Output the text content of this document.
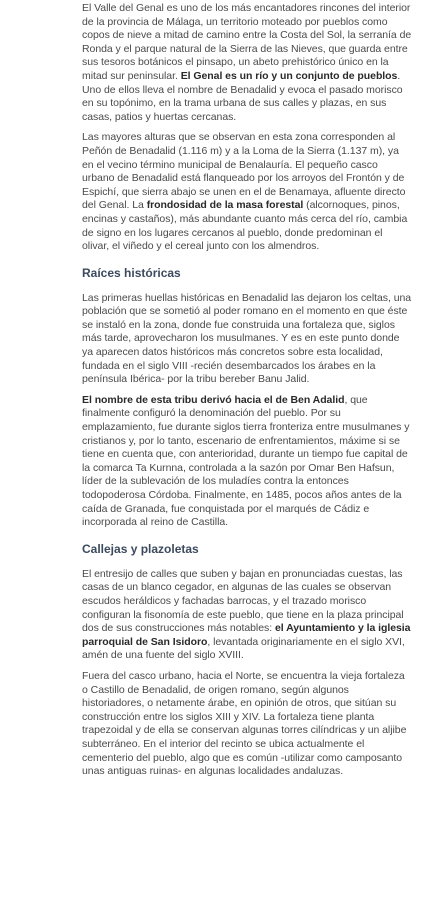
El Valle del Genal es uno de los más encantadores rincones del interior de la provincia de Málaga, un territorio moteado por pueblos como copos de nieve a mitad de camino entre la Costa del Sol, la serranía de Ronda y el parque natural de la Sierra de las Nieves, que guarda entre sus tesoros botánicos el pinsapo, un abeto prehistórico único en la mitad sur peninsular. El Genal es un río y un conjunto de pueblos. Uno de ellos lleva el nombre de Benadalid y evoca el pasado morisco en su topónimo, en la trama urbana de sus calles y plazas, en sus casas, patios y huertas cercanas.

Las mayores alturas que se observan en esta zona corresponden al Peñón de Benadalid (1.116 m) y a la Loma de la Sierra (1.137 m), ya en el vecino término municipal de Benalauría. El pequeño casco urbano de Benadalid está flanqueado por los arroyos del Frontón y de Espichí, que sierra abajo se unen en el de Benamaya, afluente directo del Genal. La frondosidad de la masa forestal (alcornoques, pinos, encinas y castaños), más abundante cuanto más cerca del río, cambia de signo en los lugares cercanos al pueblo, donde predominan el olivar, el viñedo y el cereal junto con los almendros.

Raíces históricas

Las primeras huellas históricas en Benadalid las dejaron los celtas, una población que se sometió al poder romano en el momento en que éste se instaló en la zona, donde fue construida una fortaleza que, siglos más tarde, aprovecharon los musulmanes. Y es en este punto donde ya aparecen datos históricos más concretos sobre esta localidad, fundada en el siglo VIII -recién desembarcados los árabes en la península Ibérica- por la tribu bereber Banu Jalid.

El nombre de esta tribu derivó hacia el de Ben Adalid, que finalmente configuró la denominación del pueblo. Por su emplazamiento, fue durante siglos tierra fronteriza entre musulmanes y cristianos y, por lo tanto, escenario de enfrentamientos, máxime si se tiene en cuenta que, con anterioridad, durante un tiempo fue capital de la comarca Ta Kurnna, controlada a la sazón por Omar Ben Hafsun, líder de la sublevación de los muladíes contra la entonces todopoderosa Córdoba. Finalmente, en 1485, pocos años antes de la caída de Granada, fue conquistada por el marqués de Cádiz e incorporada al reino de Castilla.

Callejas y plazoletas

El entresijo de calles que suben y bajan en pronunciadas cuestas, las casas de un blanco cegador, en algunas de las cuales se observan escudos heráldicos y fachadas barrocas, y el trazado morisco configuran la fisonomía de este pueblo, que tiene en la plaza principal dos de sus construcciones más notables: el Ayuntamiento y la iglesia parroquial de San Isidoro, levantada originariamente en el siglo XVI, amén de una fuente del siglo XVIII.

Fuera del casco urbano, hacia el Norte, se encuentra la vieja fortaleza o Castillo de Benadalid, de origen romano, según algunos historiadores, o netamente árabe, en opinión de otros, que sitúan su construcción entre los siglos XIII y XIV. La fortaleza tiene planta trapezoidal y de ella se conservan algunas torres cilíndricas y un aljibe subterráneo. En el interior del recinto se ubica actualmente el cementerio del pueblo, algo que es común -utilizar como camposanto unas antiguas ruinas- en algunas localidades andaluzas.
